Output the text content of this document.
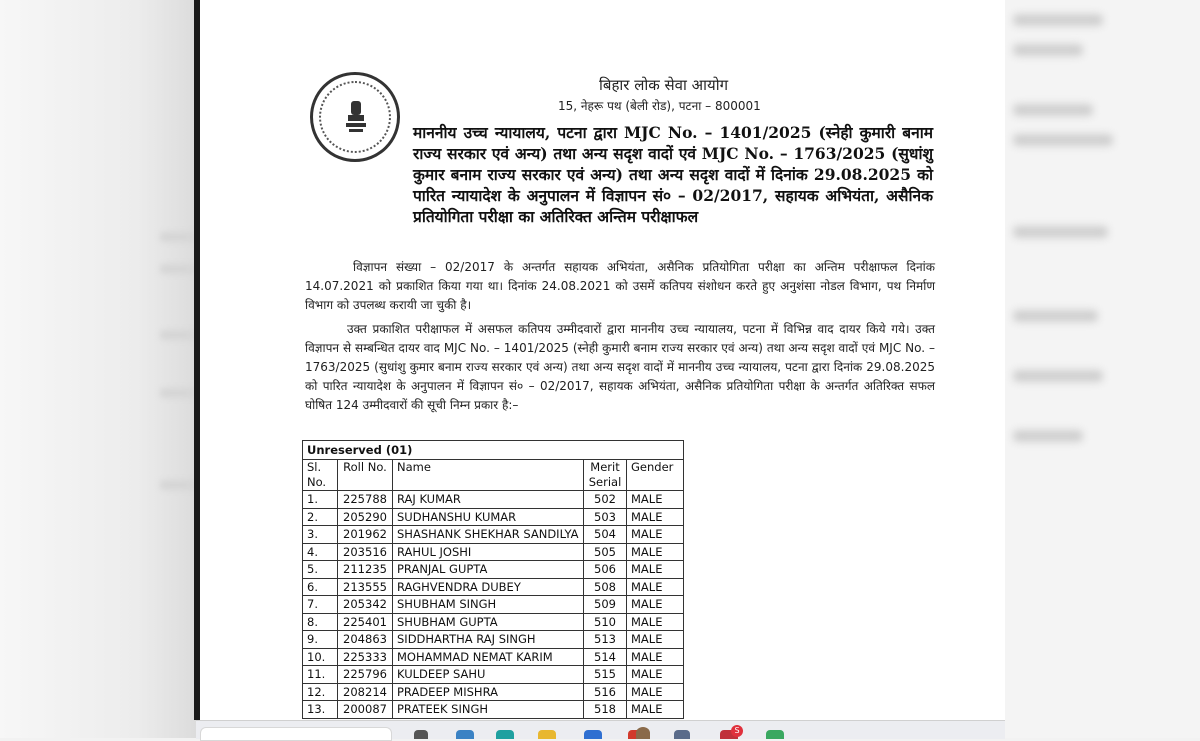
बिहार लोक सेवा आयोग
15, नेहरू पथ (बेली रोड), पटना – 800001
माननीय उच्च न्यायालय, पटना द्वारा MJC No. – 1401/2025 (स्नेही कुमारी बनाम राज्य सरकार एवं अन्य) तथा अन्य सदृश वादों एवं MJC No. – 1763/2025 (सुधांशु कुमार बनाम राज्य सरकार एवं अन्य) तथा अन्य सदृश वादों में दिनांक 29.08.2025 को पारित न्यायादेश के अनुपालन में विज्ञापन सं० – 02/2017, सहायक अभियंता, असैनिक प्रतियोगिता परीक्षा का अतिरिक्त अन्तिम परीक्षाफल
विज्ञापन संख्या – 02/2017 के अन्तर्गत सहायक अभियंता, असैनिक प्रतियोगिता परीक्षा का अन्तिम परीक्षाफल दिनांक 14.07.2021 को प्रकाशित किया गया था। दिनांक 24.08.2021 को उसमें कतिपय संशोधन करते हुए अनुशंसा नोडल विभाग, पथ निर्माण विभाग को उपलब्ध करायी जा चुकी है।
उक्त प्रकाशित परीक्षाफल में असफल कतिपय उम्मीदवारों द्वारा माननीय उच्च न्यायालय, पटना में विभिन्न वाद दायर किये गये। उक्त विज्ञापन से सम्बन्धित दायर वाद MJC No. – 1401/2025 (स्नेही कुमारी बनाम राज्य सरकार एवं अन्य) तथा अन्य सदृश वादों एवं MJC No. – 1763/2025 (सुधांशु कुमार बनाम राज्य सरकार एवं अन्य) तथा अन्य सदृश वादों में माननीय उच्च न्यायालय, पटना द्वारा दिनांक 29.08.2025 को पारित न्यायादेश के अनुपालन में विज्ञापन सं० – 02/2017, सहायक अभियंता, असैनिक प्रतियोगिता परीक्षा के अन्तर्गत अतिरिक्त सफल घोषित 124 उम्मीदवारों की सूची निम्न प्रकार है:–
Unreserved (01)				
Sl. No.	Roll No.	Name	Merit Serial	Gender
1.	225788	RAJ KUMAR	502	MALE
2.	205290	SUDHANSHU KUMAR	503	MALE
3.	201962	SHASHANK SHEKHAR SANDILYA	504	MALE
4.	203516	RAHUL JOSHI	505	MALE
5.	211235	PRANJAL GUPTA	506	MALE
6.	213555	RAGHVENDRA DUBEY	508	MALE
7.	205342	SHUBHAM SINGH	509	MALE
8.	225401	SHUBHAM GUPTA	510	MALE
9.	204863	SIDDHARTHA RAJ SINGH	513	MALE
10.	225333	MOHAMMAD NEMAT KARIM	514	MALE
11.	225796	KULDEEP SAHU	515	MALE
12.	208214	PRADEEP MISHRA	516	MALE
13.	200087	PRATEEK SINGH	518	MALE
S
